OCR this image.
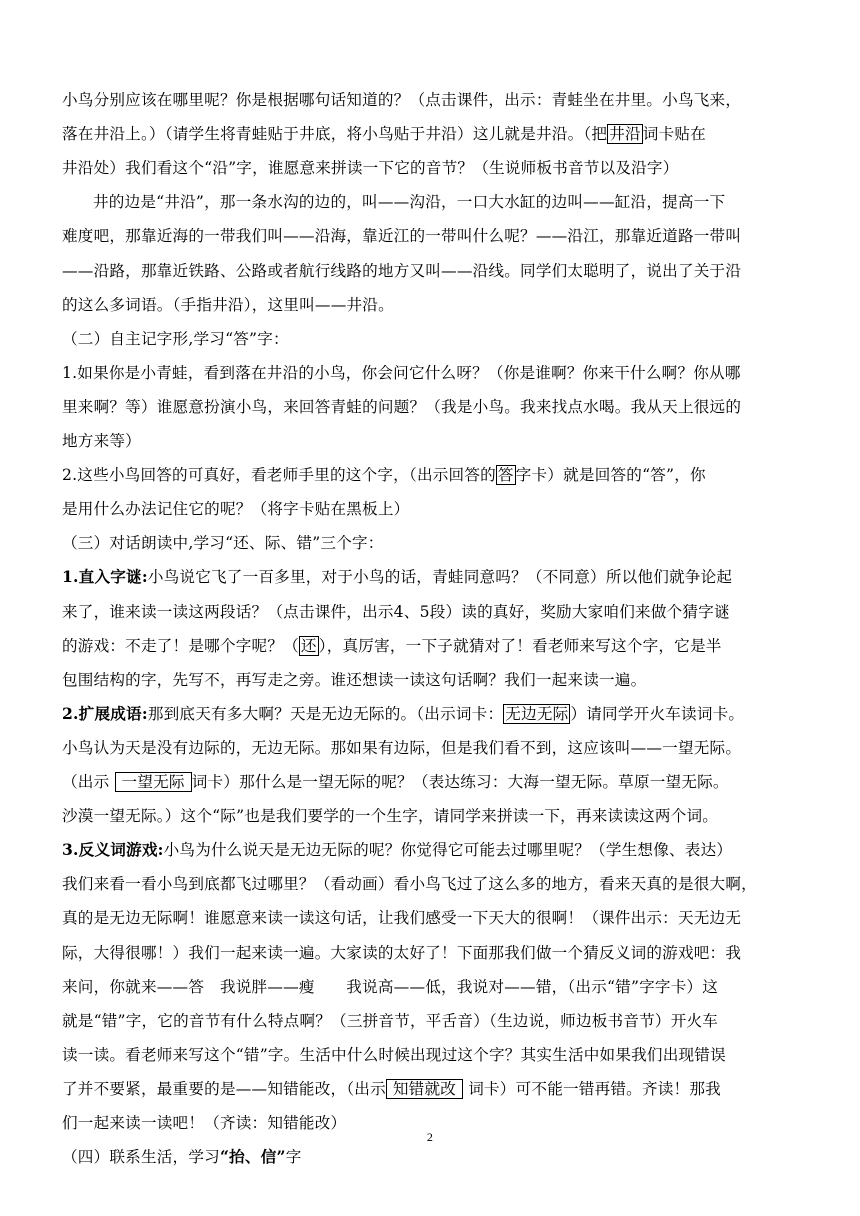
小鸟分别应该在哪里呢？你是根据哪句话知道的？（点击课件，出示：青蛙坐在井里。小鸟飞来，
落在井沿上。）（请学生将青蛙贴于井底，将小鸟贴于井沿）这儿就是井沿。（把 井沿 词卡贴在
井沿处）我们看这个“沿”字，谁愿意来拼读一下它的音节？（生说师板书音节以及沿字）
井的边是“井沿”，那一条水沟的边的，叫——沟沿，一口大水缸的边叫——缸沿，提高一下
难度吧，那靠近海的一带我们叫——沿海，靠近江的一带叫什么呢？——沿江，那靠近道路一带叫
——沿路，那靠近铁路、公路或者航行线路的地方又叫——沿线。同学们太聪明了，说出了关于沿
的这么多词语。（手指井沿），这里叫——井沿。
（二）自主记字形,学习“答”字：
1.如果你是小青蛙，看到落在井沿的小鸟，你会问它什么呀？（你是谁啊？你来干什么啊？你从哪
里来啊？等）谁愿意扮演小鸟，来回答青蛙的问题？（我是小鸟。我来找点水喝。我从天上很远的
地方来等）
2.这些小鸟回答的可真好，看老师手里的这个字，（出示回答的 答 字卡）就是回答的“答”，你
是用什么办法记住它的呢？（将字卡贴在黑板上）
（三）对话朗读中,学习“还、际、错”三个字：
1.直入字谜:小鸟说它飞了一百多里，对于小鸟的话，青蛙同意吗？（不同意）所以他们就争论起
来了，谁来读一读这两段话？（点击课件，出示4、5段）读的真好，奖励大家咱们来做个猜字谜
的游戏：不走了！是哪个字呢？（ 还 ），真厉害，一下子就猜对了！看老师来写这个字，它是半
包围结构的字，先写不，再写走之旁。谁还想读一读这句话啊？我们一起来读一遍。
2.扩展成语:那到底天有多大啊？天是无边无际的。（出示词卡： 无边无际 ）请同学开火车读词卡。
小鸟认为天是没有边际的，无边无际。那如果有边际，但是我们看不到，这应该叫——一望无际。
（出示 一望无际 词卡）那什么是一望无际的呢？（表达练习：大海一望无际。草原一望无际。
沙漠一望无际。）这个“际”也是我们要学的一个生字，请同学来拼读一下，再来读读这两个词。
3.反义词游戏:小鸟为什么说天是无边无际的呢？你觉得它可能去过哪里呢？（学生想像、表达）
我们来看一看小鸟到底都飞过哪里？（看动画）看小鸟飞过了这么多的地方，看来天真的是很大啊，
真的是无边无际啊！谁愿意来读一读这句话，让我们感受一下天大的很啊！（课件出示：天无边无
际，大得很哪！）我们一起来读一遍。大家读的太好了！下面那我们做一个猜反义词的游戏吧：我
来问，你就来——答　我说胖——瘦　　我说高——低，我说对——错，（出示“错”字字卡）这
就是“错”字，它的音节有什么特点啊？（三拼音节，平舌音）（生边说，师边板书音节）开火车
读一读。看老师来写这个“错”字。生活中什么时候出现过这个字？其实生活中如果我们出现错误
了并不要紧，最重要的是——知错能改，（出示 知错就改 词卡）可不能一错再错。齐读！那我
们一起来读一读吧！（齐读：知错能改）
（四）联系生活，学习“抬、信”字
2
